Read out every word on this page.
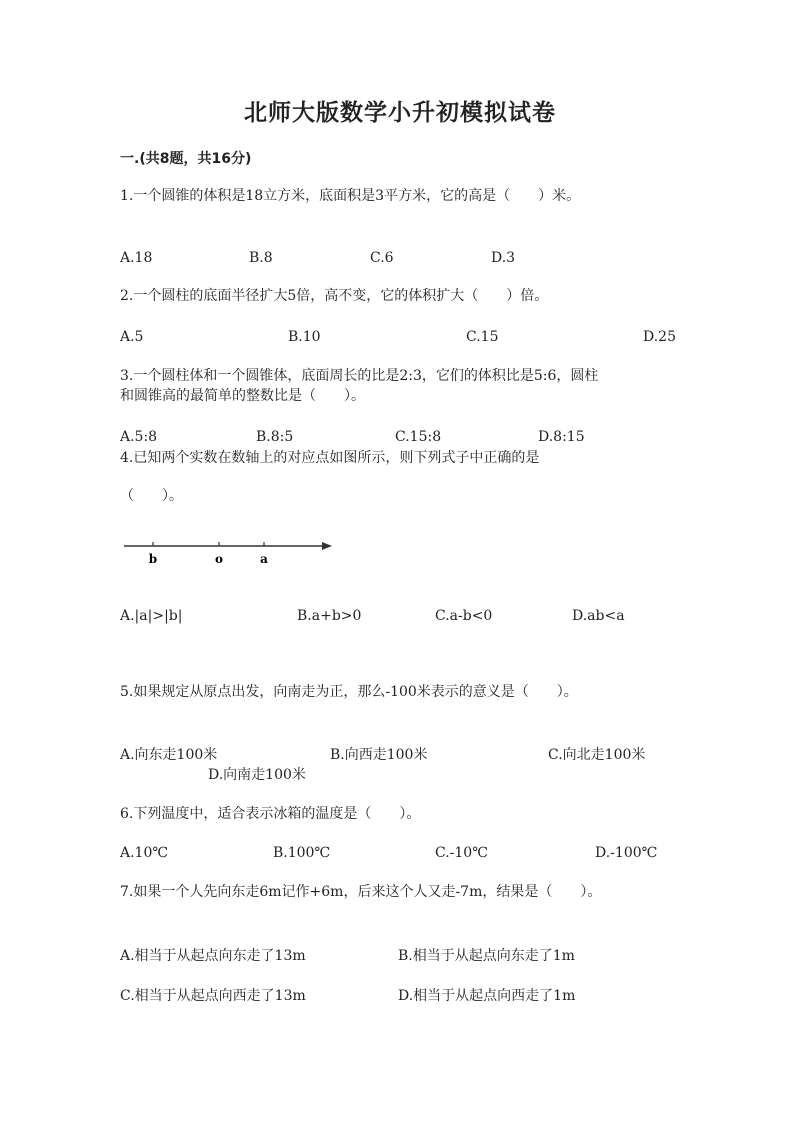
北师大版数学小升初模拟试卷
一.(共8题，共16分)
1.一个圆锥的体积是18立方米，底面积是3平方米，它的高是（　　）米。
A.18	B.8	C.6	D.3
2.一个圆柱的底面半径扩大5倍，高不变，它的体积扩大（　　）倍。
A.5	B.10	C.15	D.25
3.一个圆柱体和一个圆锥体，底面周长的比是2:3，它们的体积比是5:6，圆柱
和圆锥高的最简单的整数比是（　　）。
A.5:8	B.8:5	C.15:8	D.8:15
4.已知两个实数在数轴上的对应点如图所示，则下列式子中正确的是
（　　）。
b	o	a
A.|a|>|b|	B.a+b>0	C.a-b<0	D.ab<a
5.如果规定从原点出发，向南走为正，那么-100米表示的意义是（　　）。
A.向东走100米	B.向西走100米	C.向北走100米
D.向南走100米
6.下列温度中，适合表示冰箱的温度是（　　）。
A.10℃	B.100℃	C.-10℃	D.-100℃
7.如果一个人先向东走6m记作+6m，后来这个人又走-7m，结果是（　　）。
A.相当于从起点向东走了13m	B.相当于从起点向东走了1m
C.相当于从起点向西走了13m	D.相当于从起点向西走了1m
